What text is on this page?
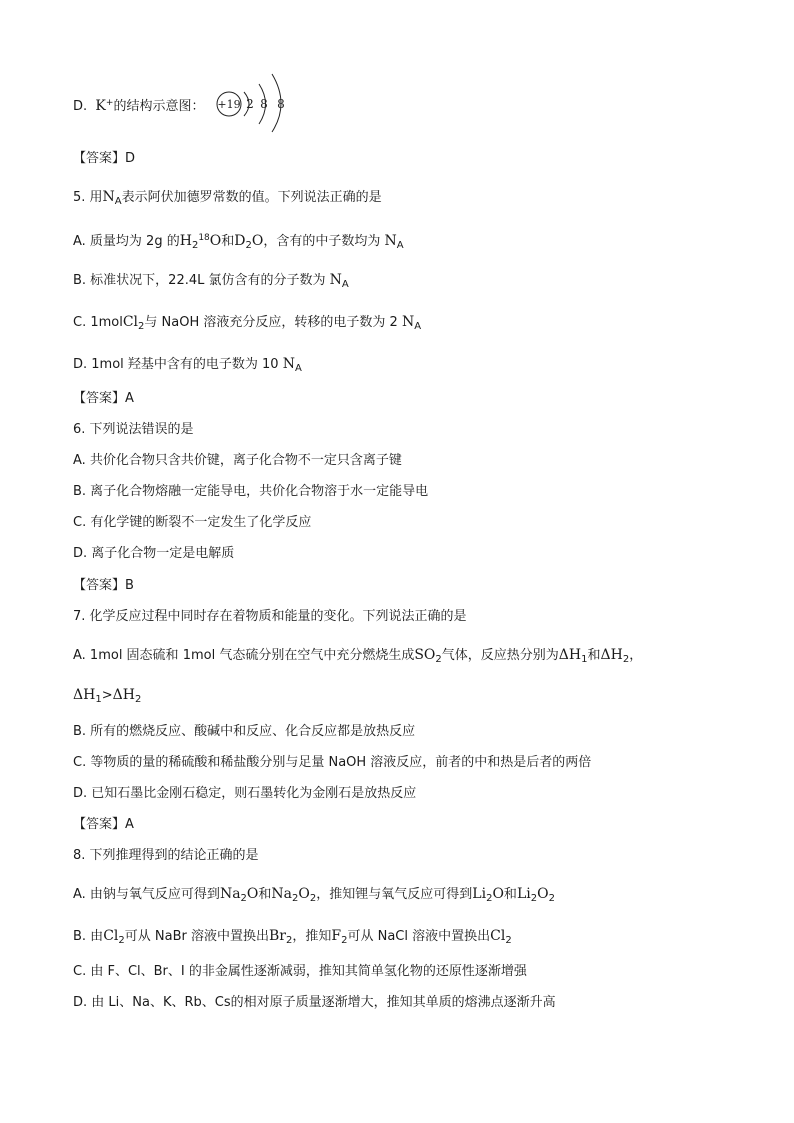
D. K+的结构示意图： +19 2 8 8
【答案】D
5. 用$N_A$表示阿伏加德罗常数的值。下列说法正确的是
A. 质量均为 2g 的$H_2^{18}O$和$D_2O$，含有的中子数均为 $N_A$
B. 标准状况下，22.4L 氯仿含有的分子数为 $N_A$
C. 1molCl$_2$与 NaOH 溶液充分反应，转移的电子数为 2 $N_A$
D. 1mol 羟基中含有的电子数为 10 $N_A$
【答案】A
6. 下列说法错误的是
A. 共价化合物只含共价键，离子化合物不一定只含离子键
B. 离子化合物熔融一定能导电，共价化合物溶于水一定能导电
C. 有化学键的断裂不一定发生了化学反应
D. 离子化合物一定是电解质
【答案】B
7. 化学反应过程中同时存在着物质和能量的变化。下列说法正确的是
A. 1mol 固态硫和 1mol 气态硫分别在空气中充分燃烧生成$SO_2$气体，反应热分别为$\Delta H_1$和$\Delta H_2$，
$\Delta H_1>\Delta H_2$
B. 所有的燃烧反应、酸碱中和反应、化合反应都是放热反应
C. 等物质的量的稀硫酸和稀盐酸分别与足量 NaOH 溶液反应，前者的中和热是后者的两倍
D. 已知石墨比金刚石稳定，则石墨转化为金刚石是放热反应
【答案】A
8. 下列推理得到的结论正确的是
A. 由钠与氧气反应可得到$Na_2O$和$Na_2O_2$，推知锂与氧气反应可得到$Li_2O$和$Li_2O_2$
B. 由$Cl_2$可从 NaBr 溶液中置换出$Br_2$，推知$F_2$可从 NaCl 溶液中置换出$Cl_2$
C. 由 F、Cl、Br、I 的非金属性逐渐减弱，推知其简单氢化物的还原性逐渐增强
D. 由 Li、Na、K、Rb、Cs的相对原子质量逐渐增大，推知其单质的熔沸点逐渐升高
